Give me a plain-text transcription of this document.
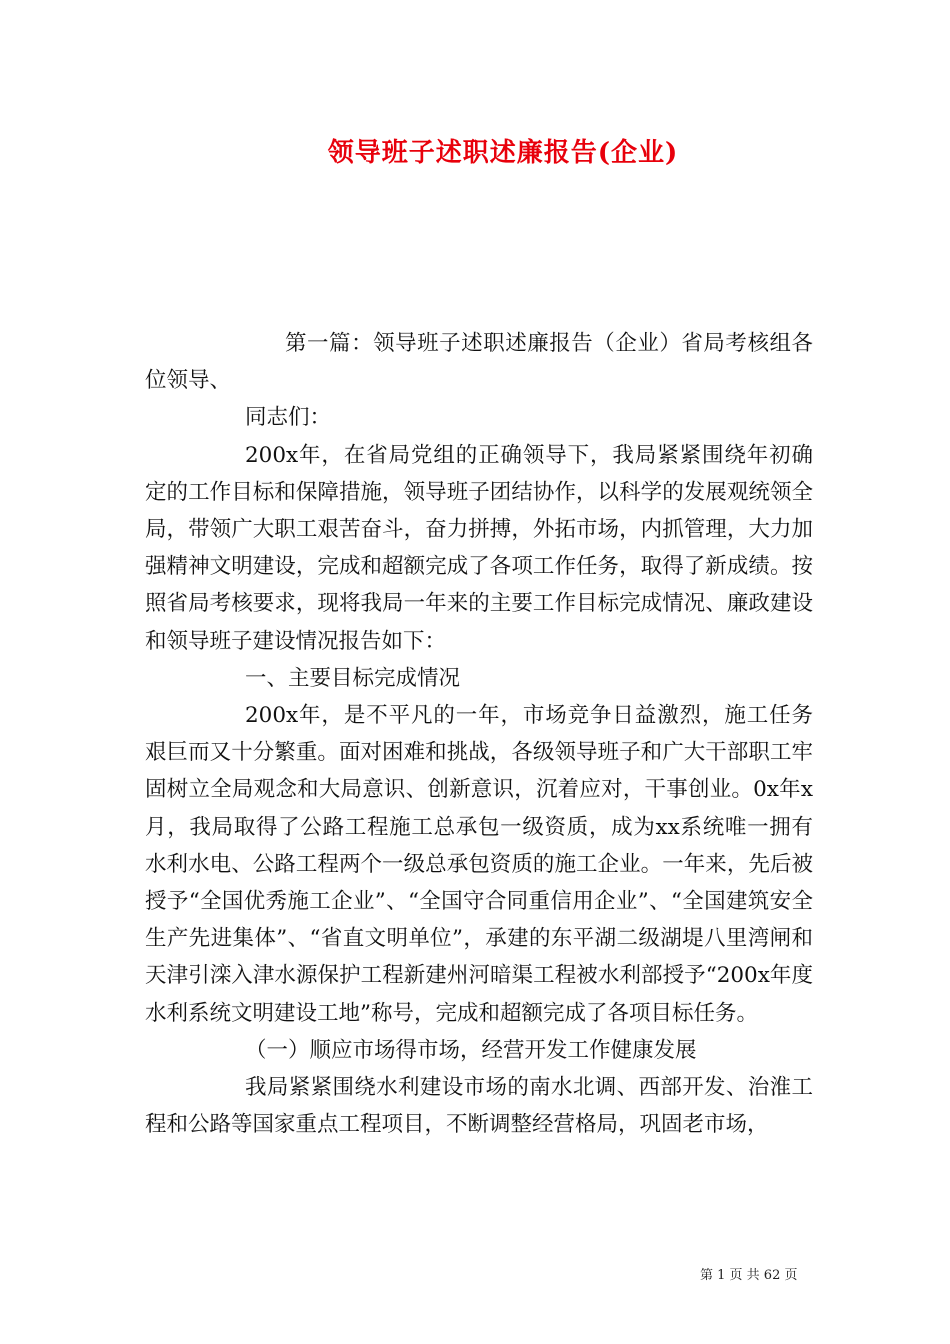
领导班子述职述廉报告(企业)

第一篇：领导班子述职述廉报告（企业）省局考核组各位领导、

同志们：

200x年，在省局党组的正确领导下，我局紧紧围绕年初确定的工作目标和保障措施，领导班子团结协作，以科学的发展观统领全局，带领广大职工艰苦奋斗，奋力拼搏，外拓市场，内抓管理，大力加强精神文明建设，完成和超额完成了各项工作任务，取得了新成绩。按照省局考核要求，现将我局一年来的主要工作目标完成情况、廉政建设和领导班子建设情况报告如下：

一、主要目标完成情况

200x年，是不平凡的一年，市场竞争日益激烈，施工任务艰巨而又十分繁重。面对困难和挑战，各级领导班子和广大干部职工牢固树立全局观念和大局意识、创新意识，沉着应对，干事创业。0x年x月，我局取得了公路工程施工总承包一级资质，成为xx系统唯一拥有水利水电、公路工程两个一级总承包资质的施工企业。一年来，先后被授予“全国优秀施工企业”、“全国守合同重信用企业”、“全国建筑安全生产先进集体”、“省直文明单位”，承建的东平湖二级湖堤八里湾闸和天津引滦入津水源保护工程新建州河暗渠工程被水利部授予“200x年度水利系统文明建设工地”称号，完成和超额完成了各项目标任务。

（一）顺应市场得市场，经营开发工作健康发展

我局紧紧围绕水利建设市场的南水北调、西部开发、治淮工程和公路等国家重点工程项目，不断调整经营格局，巩固老市场，

第 1 页 共 62 页
